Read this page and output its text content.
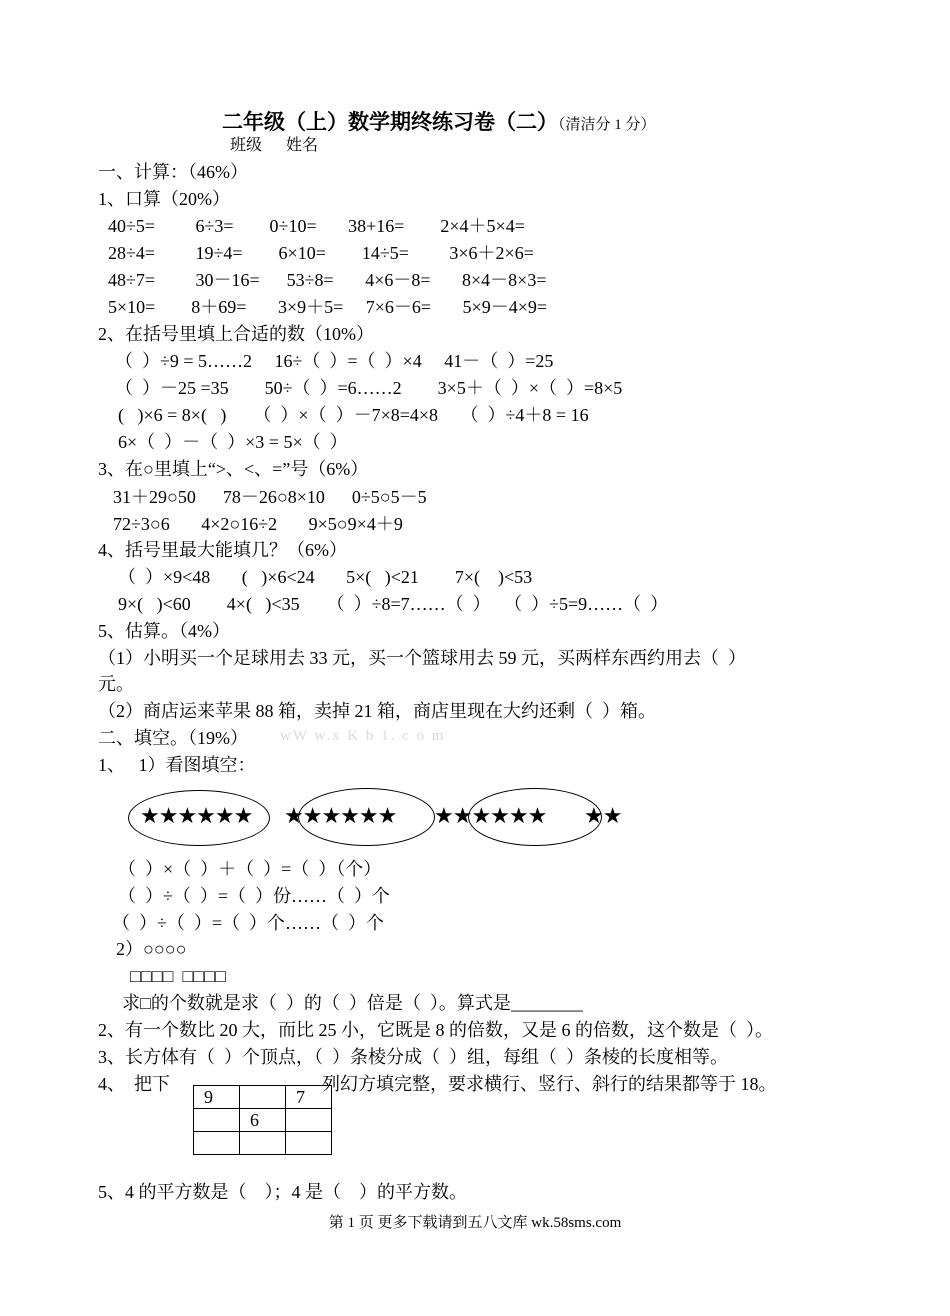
二年级（上）数学期终练习卷（二）（清洁分 1 分）
班级      姓名
一、计算：（46%）
1、口算（20%）
40÷5=         6÷3=        0÷10=       38+16=        2×4＋5×4=
28÷4=         19÷4=        6×10=        14÷5=         3×6＋2×6=
48÷7=         30－16=      53÷8=       4×6－8=       8×4－8×3=
5×10=        8＋69=       3×9＋5=     7×6－6=       5×9－4×9=
2、在括号里填上合适的数（10%）
（  ）÷9 = 5……2     16÷（  ）=（  ）×4     41－（  ）=25
（  ）－25 =35        50÷（  ）=6……2        3×5＋（  ）×（  ）=8×5
(   )×6 = 8×(   )      （  ）×（  ）－7×8=4×8     （  ）÷4＋8 = 16
6×（  ）－（  ）×3 = 5×（  ）
3、在○里填上“>、<、=”号（6%）
31＋29○50      78－26○8×10      0÷5○5－5
72÷3○6       4×2○16÷2       9×5○9×4＋9
4、括号里最大能填几？（6%）
（  ）×9<48       (   )×6<24       5×(   )<21        7×(    )<53
9×(   )<60        4×(   )<35      （  ）÷8=7……（  ）   （  ）÷5=9……（  ）
5、估算。（4%）
（1）小明买一个足球用去 33 元，买一个篮球用去 59 元，买两样东西约用去（  ）
元。
（2）商店运来苹果 88 箱，卖掉 21 箱，商店里现在大约还剩（  ）箱。
二、填空。（19%） wW w.x K b 1. c o m
1、   1）看图填空：
★★★★★★ ★★★★★★ ★★★★★★ ★★
（  ）×（  ）＋（  ）=（  ）（个）
（  ）÷（  ）=（  ）份……（  ）个
（  ）÷（  ）=（  ）个……（  ）个
2）○○○○
□□□□  □□□□
求□的个数就是求（  ）的（  ）倍是（  ）。算式是________
2、有一个数比 20 大，而比 25 小，它既是 8 的倍数，又是 6 的倍数，这个数是（  ）。
3、长方体有（  ）个顶点，（  ）条棱分成（  ）组，每组（  ）条棱的长度相等。
4、  把下	列幻方填完整，要求横行、竖行、斜行的结果都等于 18。
9		7
	6	

5、4 的平方数是（    ）；4 是（    ）的平方数。
第 1 页 更多下载请到五八文库 wk.58sms.com
